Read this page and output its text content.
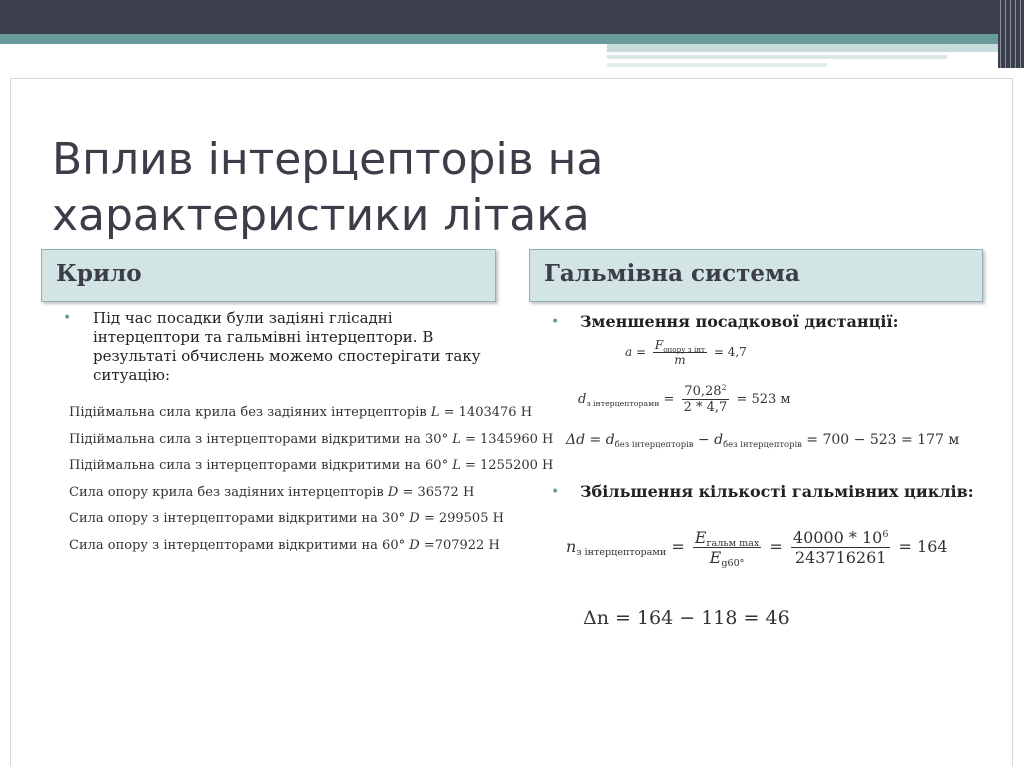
Вплив інтерцепторів на характеристики літака
Крило	Гальмівна система
• Під час посадки були задіяні глісадні інтерцептори та гальмівні інтерцептори. В результаті обчислень можемо спостерігати таку ситуацію:
Підіймальна сила крила без задіяних інтерцепторів L = 1403476 Н
Підіймальна сила з інтерцепторами відкритими на 30° L = 1345960 Н
Підіймальна сила з інтерцепторами відкритими на 60° L = 1255200 Н
Сила опору крила без задіяних інтерцепторів D = 36572 Н
Сила опору з інтерцепторами відкритими на 30° D = 299505 Н
Сила опору з інтерцепторами відкритими на 60° D =707922 Н
• Зменшення посадкової дистанції:
$a = \frac{F_{опору з інт}}{m} = 4,7$
$d_{з інтерцепторами} = \frac{70,28^2}{2 * 4,7} = 523$ м
$\Delta d = d_{без інтерцепторів} - d_{без інтерцепторів} = 700 - 523 = 177$ м
• Збільшення кількості гальмівних циклів:
$n_{з інтерцепторами} = \frac{E_{гальм max}}{E_{g60^\circ}} = \frac{40000 * 10^6}{243716261} = 164$
Δn = 164 − 118 = 46
